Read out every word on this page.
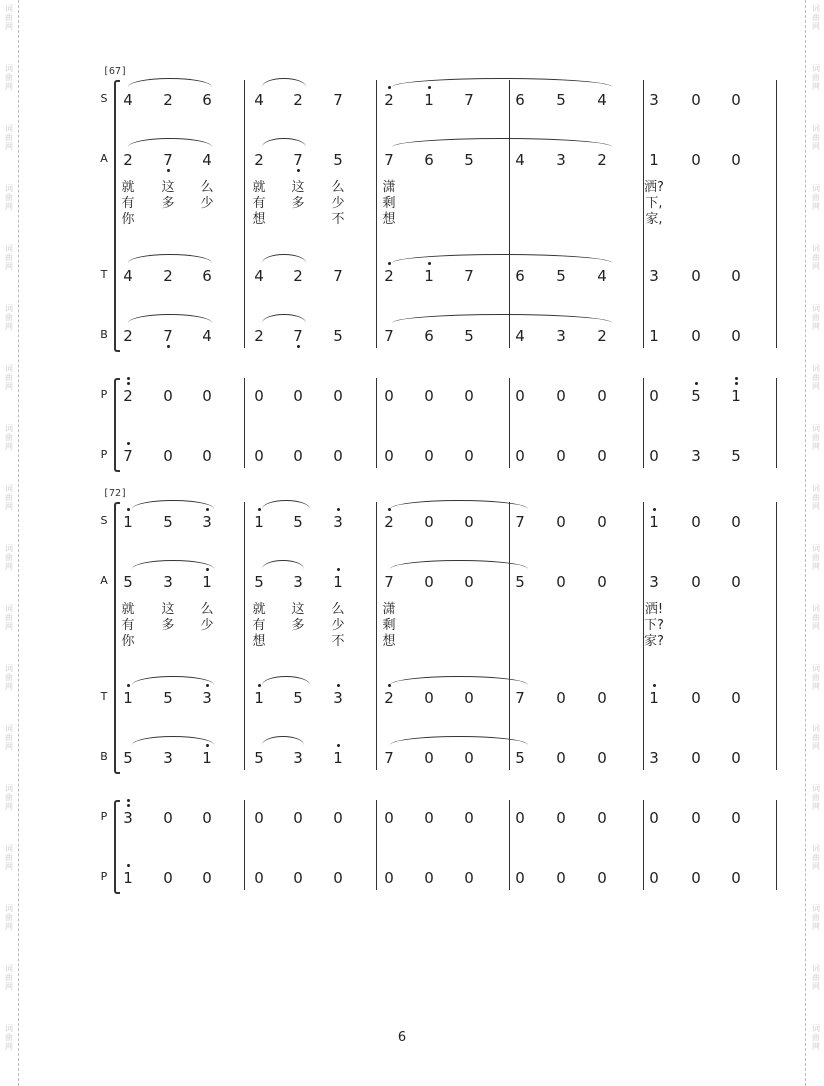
词
曲
网
词
曲
网
词
曲
网
词
曲
网
词
曲
网
词
曲
网
词
曲
网
词
曲
网
词
曲
网
词
曲
网
词
曲
网
词
曲
网
词
曲
网
词
曲
网
词
曲
网
词
曲
网
词
曲
网
词
曲
网
词
曲
网
词
曲
网
词
曲
网
词
曲
网
词
曲
网
词
曲
网
词
曲
网
词
曲
网
词
曲
网
词
曲
网
词
曲
网
词
曲
网
词
曲
网
词
曲
网
词
曲
网
词
曲
网
词
曲
网
词
曲
网
[67]
S	4	2	6	4	2	7	2	1	7	6	5	4	3	0	0
A	2	7	4	2	7	5	7	6	5	4	3	2	1	0	0
就 这 么	就 这 么	潇	洒?
有 多 少	有 多 少	剩	下,
你	想	不	想	家,
T	4	2	6	4	2	7	2	1	7	6	5	4	3	0	0
B	2	7	4	2	7	5	7	6	5	4	3	2	1	0	0
P	2	0	0	0	0	0	0	0	0	0	0	0	0	5	1
P	7	0	0	0	0	0	0	0	0	0	0	0	0	3	5
[72]
S	1	5	3	1	5	3	2	0	0	7	0	0	1	0	0
A	5	3	1	5	3	1	7	0	0	5	0	0	3	0	0
就 这 么	就 这 么	潇	洒!
有 多 少	有 多 少	剩	下?
你	想	不	想	家?
T	1	5	3	1	5	3	2	0	0	7	0	0	1	0	0
B	5	3	1	5	3	1	7	0	0	5	0	0	3	0	0
P	3	0	0	0	0	0	0	0	0	0	0	0	0	0	0
P	1	0	0	0	0	0	0	0	0	0	0	0	0	0	0
6
